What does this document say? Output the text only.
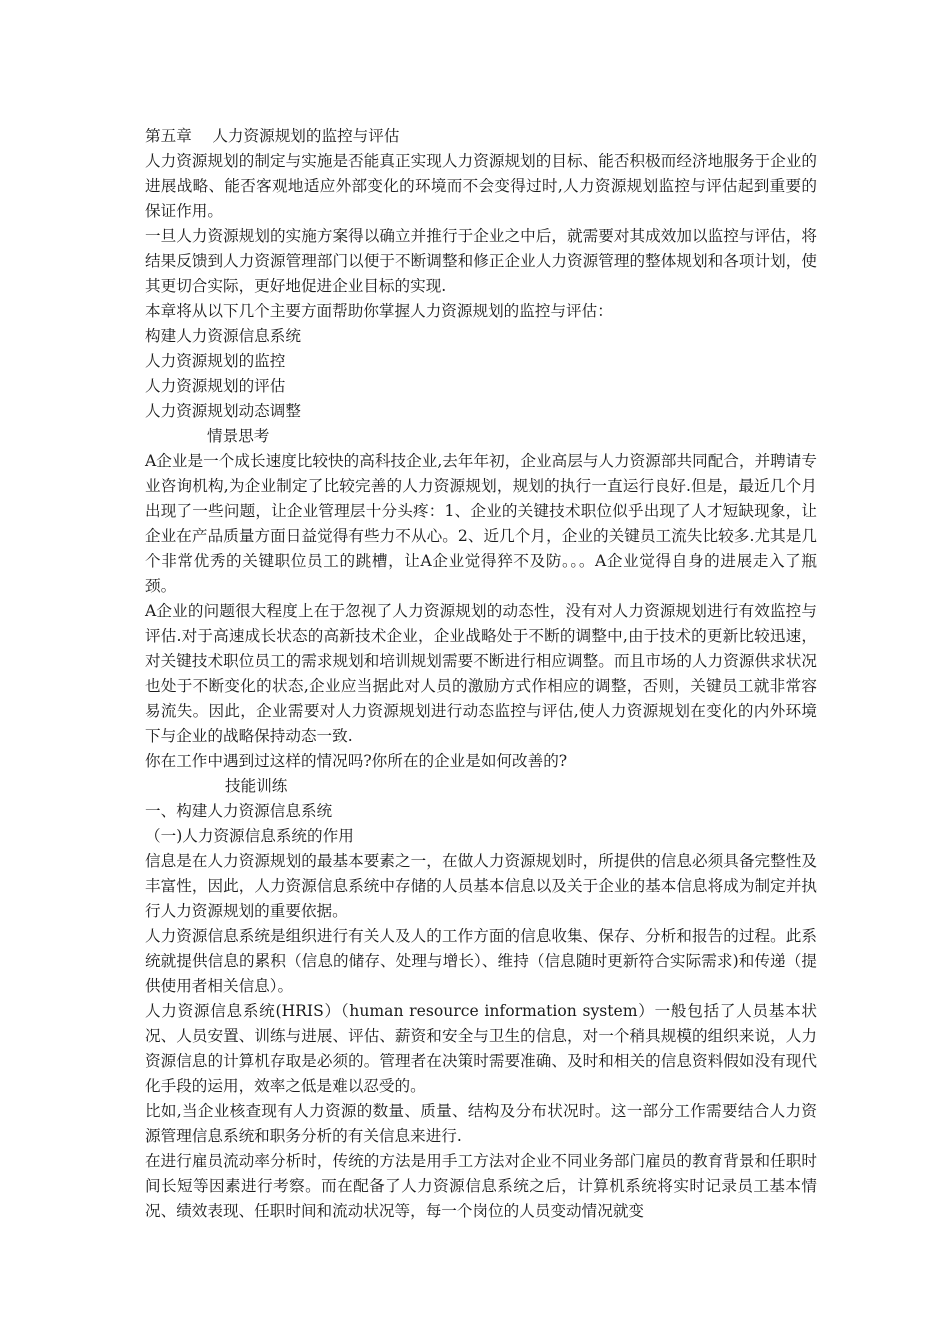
第五章　 人力资源规划的监控与评估

人力资源规划的制定与实施是否能真正实现人力资源规划的目标、能否积极而经济地服务于企业的进展战略、能否客观地适应外部变化的环境而不会变得过时,人力资源规划监控与评估起到重要的保证作用。

一旦人力资源规划的实施方案得以确立并推行于企业之中后，就需要对其成效加以监控与评估，将结果反馈到人力资源管理部门以便于不断调整和修正企业人力资源管理的整体规划和各项计划，使其更切合实际，更好地促进企业目标的实现.

本章将从以下几个主要方面帮助你掌握人力资源规划的监控与评估：

构建人力资源信息系统

人力资源规划的监控

人力资源规划的评估

人力资源规划动态调整

情景思考

A企业是一个成长速度比较快的高科技企业,去年年初，企业高层与人力资源部共同配合，并聘请专业咨询机构,为企业制定了比较完善的人力资源规划，规划的执行一直运行良好.但是，最近几个月出现了一些问题，让企业管理层十分头疼：1、企业的关键技术职位似乎出现了人才短缺现象，让企业在产品质量方面日益觉得有些力不从心。2、近几个月，企业的关键员工流失比较多.尤其是几个非常优秀的关键职位员工的跳槽，让A企业觉得猝不及防。。。A企业觉得自身的进展走入了瓶颈。

A企业的问题很大程度上在于忽视了人力资源规划的动态性，没有对人力资源规划进行有效监控与评估.对于高速成长状态的高新技术企业，企业战略处于不断的调整中,由于技术的更新比较迅速，对关键技术职位员工的需求规划和培训规划需要不断进行相应调整。而且市场的人力资源供求状况也处于不断变化的状态,企业应当据此对人员的激励方式作相应的调整，否则，关键员工就非常容易流失。因此，企业需要对人力资源规划进行动态监控与评估,使人力资源规划在变化的内外环境下与企业的战略保持动态一致.

你在工作中遇到过这样的情况吗?你所在的企业是如何改善的?

技能训练

一、构建人力资源信息系统

（一)人力资源信息系统的作用

信息是在人力资源规划的最基本要素之一，在做人力资源规划时，所提供的信息必须具备完整性及丰富性，因此，人力资源信息系统中存储的人员基本信息以及关于企业的基本信息将成为制定并执行人力资源规划的重要依据。

人力资源信息系统是组织进行有关人及人的工作方面的信息收集、保存、分析和报告的过程。此系统就提供信息的累积（信息的储存、处理与增长）、维持（信息随时更新符合实际需求)和传递（提供使用者相关信息）。

人力资源信息系统(HRIS）（human resource information system）一般包括了人员基本状况、人员安置、训练与进展、评估、薪资和安全与卫生的信息，对一个稍具规模的组织来说，人力资源信息的计算机存取是必须的。管理者在决策时需要准确、及时和相关的信息资料假如没有现代化手段的运用，效率之低是难以忍受的。

比如,当企业核查现有人力资源的数量、质量、结构及分布状况时。这一部分工作需要结合人力资源管理信息系统和职务分析的有关信息来进行.

在进行雇员流动率分析时，传统的方法是用手工方法对企业不同业务部门雇员的教育背景和任职时间长短等因素进行考察。而在配备了人力资源信息系统之后，计算机系统将实时记录员工基本情况、绩效表现、任职时间和流动状况等，每一个岗位的人员变动情况就变
